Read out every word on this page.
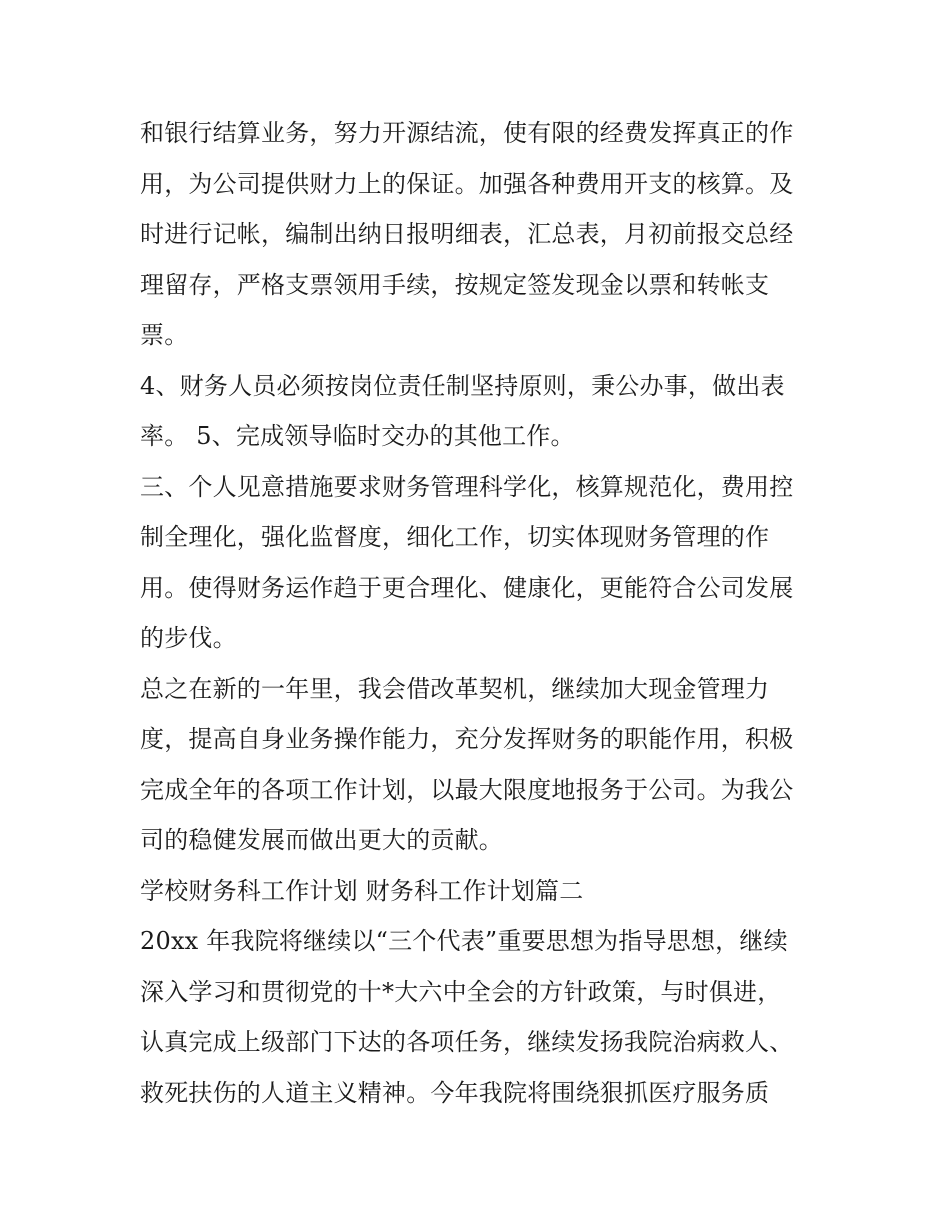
和银行结算业务，努力开源结流，使有限的经费发挥真正的作
用，为公司提供财力上的保证。加强各种费用开支的核算。及
时进行记帐，编制出纳日报明细表，汇总表，月初前报交总经
理留存，严格支票领用手续，按规定签发现金以票和转帐支
票。
4、财务人员必须按岗位责任制坚持原则，秉公办事，做出表
率。 5、完成领导临时交办的其他工作。
三、个人见意措施要求财务管理科学化，核算规范化，费用控
制全理化，强化监督度，细化工作，切实体现财务管理的作
用。使得财务运作趋于更合理化、健康化，更能符合公司发展
的步伐。
总之在新的一年里，我会借改革契机，继续加大现金管理力
度，提高自身业务操作能力，充分发挥财务的职能作用，积极
完成全年的各项工作计划，以最大限度地报务于公司。为我公
司的稳健发展而做出更大的贡献。
学校财务科工作计划 财务科工作计划篇二
20xx 年我院将继续以“三个代表”重要思想为指导思想，继续
深入学习和贯彻党的十*大六中全会的方针政策，与时俱进，
认真完成上级部门下达的各项任务，继续发扬我院治病救人、
救死扶伤的人道主义精神。今年我院将围绕狠抓医疗服务质
